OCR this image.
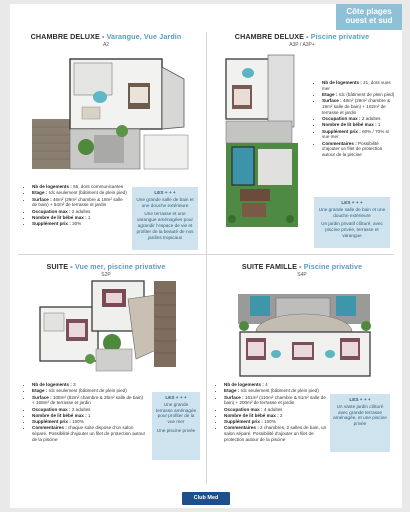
Côte plages ouest et sud
CHAMBRE DELUXE - Varangue, Vue Jardin
A2
• Nb de logements : 55, dont communicantes
• Etage : rdc seulement (bâtiment de plein pied)
• Surface : 46m² (29m² chambre & 18m² salle de bain) + 54m² de terrasse et jardin
• Occupation max : 2 adultes
• Nombre de lit bébé max : 1
• Supplément prix : 30%
LES + + +

Une grande salle de bain et une douche extérieure

Une terrasse et une varangue aménagées pour agrandir l’espace de vie et profiter de la beauté de nos jardins tropicaux

CHAMBRE DELUXE - Piscine privative
A3P / A3P+
• Nb de logements : 21, dont vues mer
• Etage : rdc (bâtiment de plein pied)
• Surface : 48m² (29m² chambre & 19m² salle de bain) + 102m² de terrasse et jardin
• Occupation max : 2 adultes
• Nombre de lit bébé max : 1
• Supplément prix : 60% / 70% si vue mer
• Commentaires : Possibilité d’ajouter un filet de protection autour de la piscine
LES + + +

Une grande salle de bain et une douche extérieure

Un jardin privatif clôturé, avec piscine privée, terrasse et varangue

SUITE - Vue mer, piscine privative
S2P
• Nb de logements : 3
• Etage : rdc seulement (bâtiment de plein pied)
• Surface : 108m² (82m² chambre & 26m² salle de bain) + 168m² de terrasse et jardin
• Occupation max : 2 adultes
• Nombre de lit bébé max : 1
• Supplément prix : 100%
• Commentaires : chaque suite dispose d’un salon séparé. Possibilité d’ajouter un filet de protection autour de la piscine
LES + + +

Une grande terrasse aménagée pour profiter de la vue mer

Une piscine privée

SUITE FAMILLE - Piscine privative
S4P
• Nb de logements : 4
• Etage : rdc seulement (bâtiment de plein pied)
• Surface : 161m² (110m² chambre & 51m² salle de bain) + 200m² de terrasse et jardin
• Occupation max : 4 adultes
• Nombre de lit bébé max : 2
• Supplément prix : 100%
• Commentaires : 2 chambres, 2 salles de bain, un salon séparé. Possibilité d’ajouter un filet de protection autour de la piscine
LES + + +

Un vaste jardin clôturé avec grande terrasse aménagée, et une piscine privée

Club Med
